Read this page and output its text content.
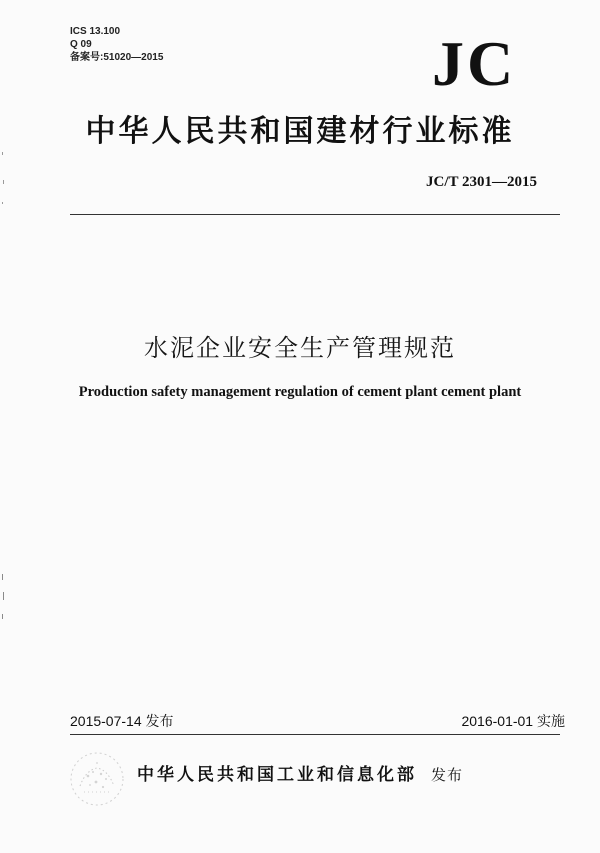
ICS 13.100
Q 09
备案号:51020—2015	JC
中华人民共和国建材行业标准
JC/T 2301—2015
水泥企业安全生产管理规范
Production safety management regulation of cement plant cement plant
2015-07-14 发布	2016-01-01 实施
中华人民共和国工业和信息化部 发布
